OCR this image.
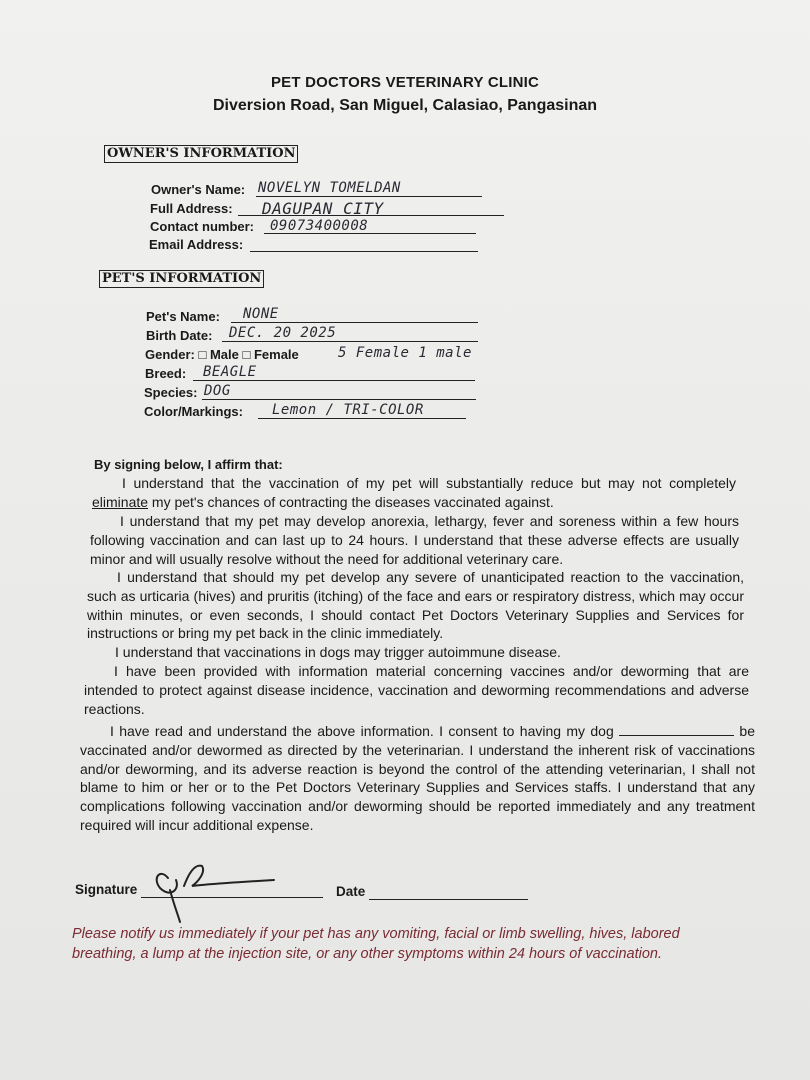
PET DOCTORS VETERINARY CLINIC
Diversion Road, San Miguel, Calasiao, Pangasinan
OWNER'S INFORMATION
Owner's Name: NOVELYN TOMELDAN
Full Address: DAGUPAN CITY
Contact number: 09073400008
Email Address:
PET'S INFORMATION
Pet's Name: NONE
Birth Date: DEC. 20 2025
Gender: □ Male □ Female	5 Female 1 male
Breed: BEAGLE
Species: DOG
Color/Markings: Lemon / TRI-COLOR
By signing below, I affirm that:
I understand that the vaccination of my pet will substantially reduce but may not completely eliminate my pet's chances of contracting the diseases vaccinated against.
I understand that my pet may develop anorexia, lethargy, fever and soreness within a few hours following vaccination and can last up to 24 hours. I understand that these adverse effects are usually minor and will usually resolve without the need for additional veterinary care.
I understand that should my pet develop any severe of unanticipated reaction to the vaccination, such as urticaria (hives) and pruritis (itching) of the face and ears or respiratory distress, which may occur within minutes, or even seconds, I should contact Pet Doctors Veterinary Supplies and Services for instructions or bring my pet back in the clinic immediately.
I understand that vaccinations in dogs may trigger autoimmune disease.
I have been provided with information material concerning vaccines and/or deworming that are intended to protect against disease incidence, vaccination and deworming recommendations and adverse reactions.
I have read and understand the above information. I consent to having my dog	be vaccinated and/or dewormed as directed by the veterinarian. I understand the inherent risk of vaccinations and/or deworming, and its adverse reaction is beyond the control of the attending veterinarian, I shall not blame to him or her or to the Pet Doctors Veterinary Supplies and Services staffs. I understand that any complications following vaccination and/or deworming should be reported immediately and any treatment required will incur additional expense.
Signature	Date
Please notify us immediately if your pet has any vomiting, facial or limb swelling, hives, labored breathing, a lump at the injection site, or any other symptoms within 24 hours of vaccination.
